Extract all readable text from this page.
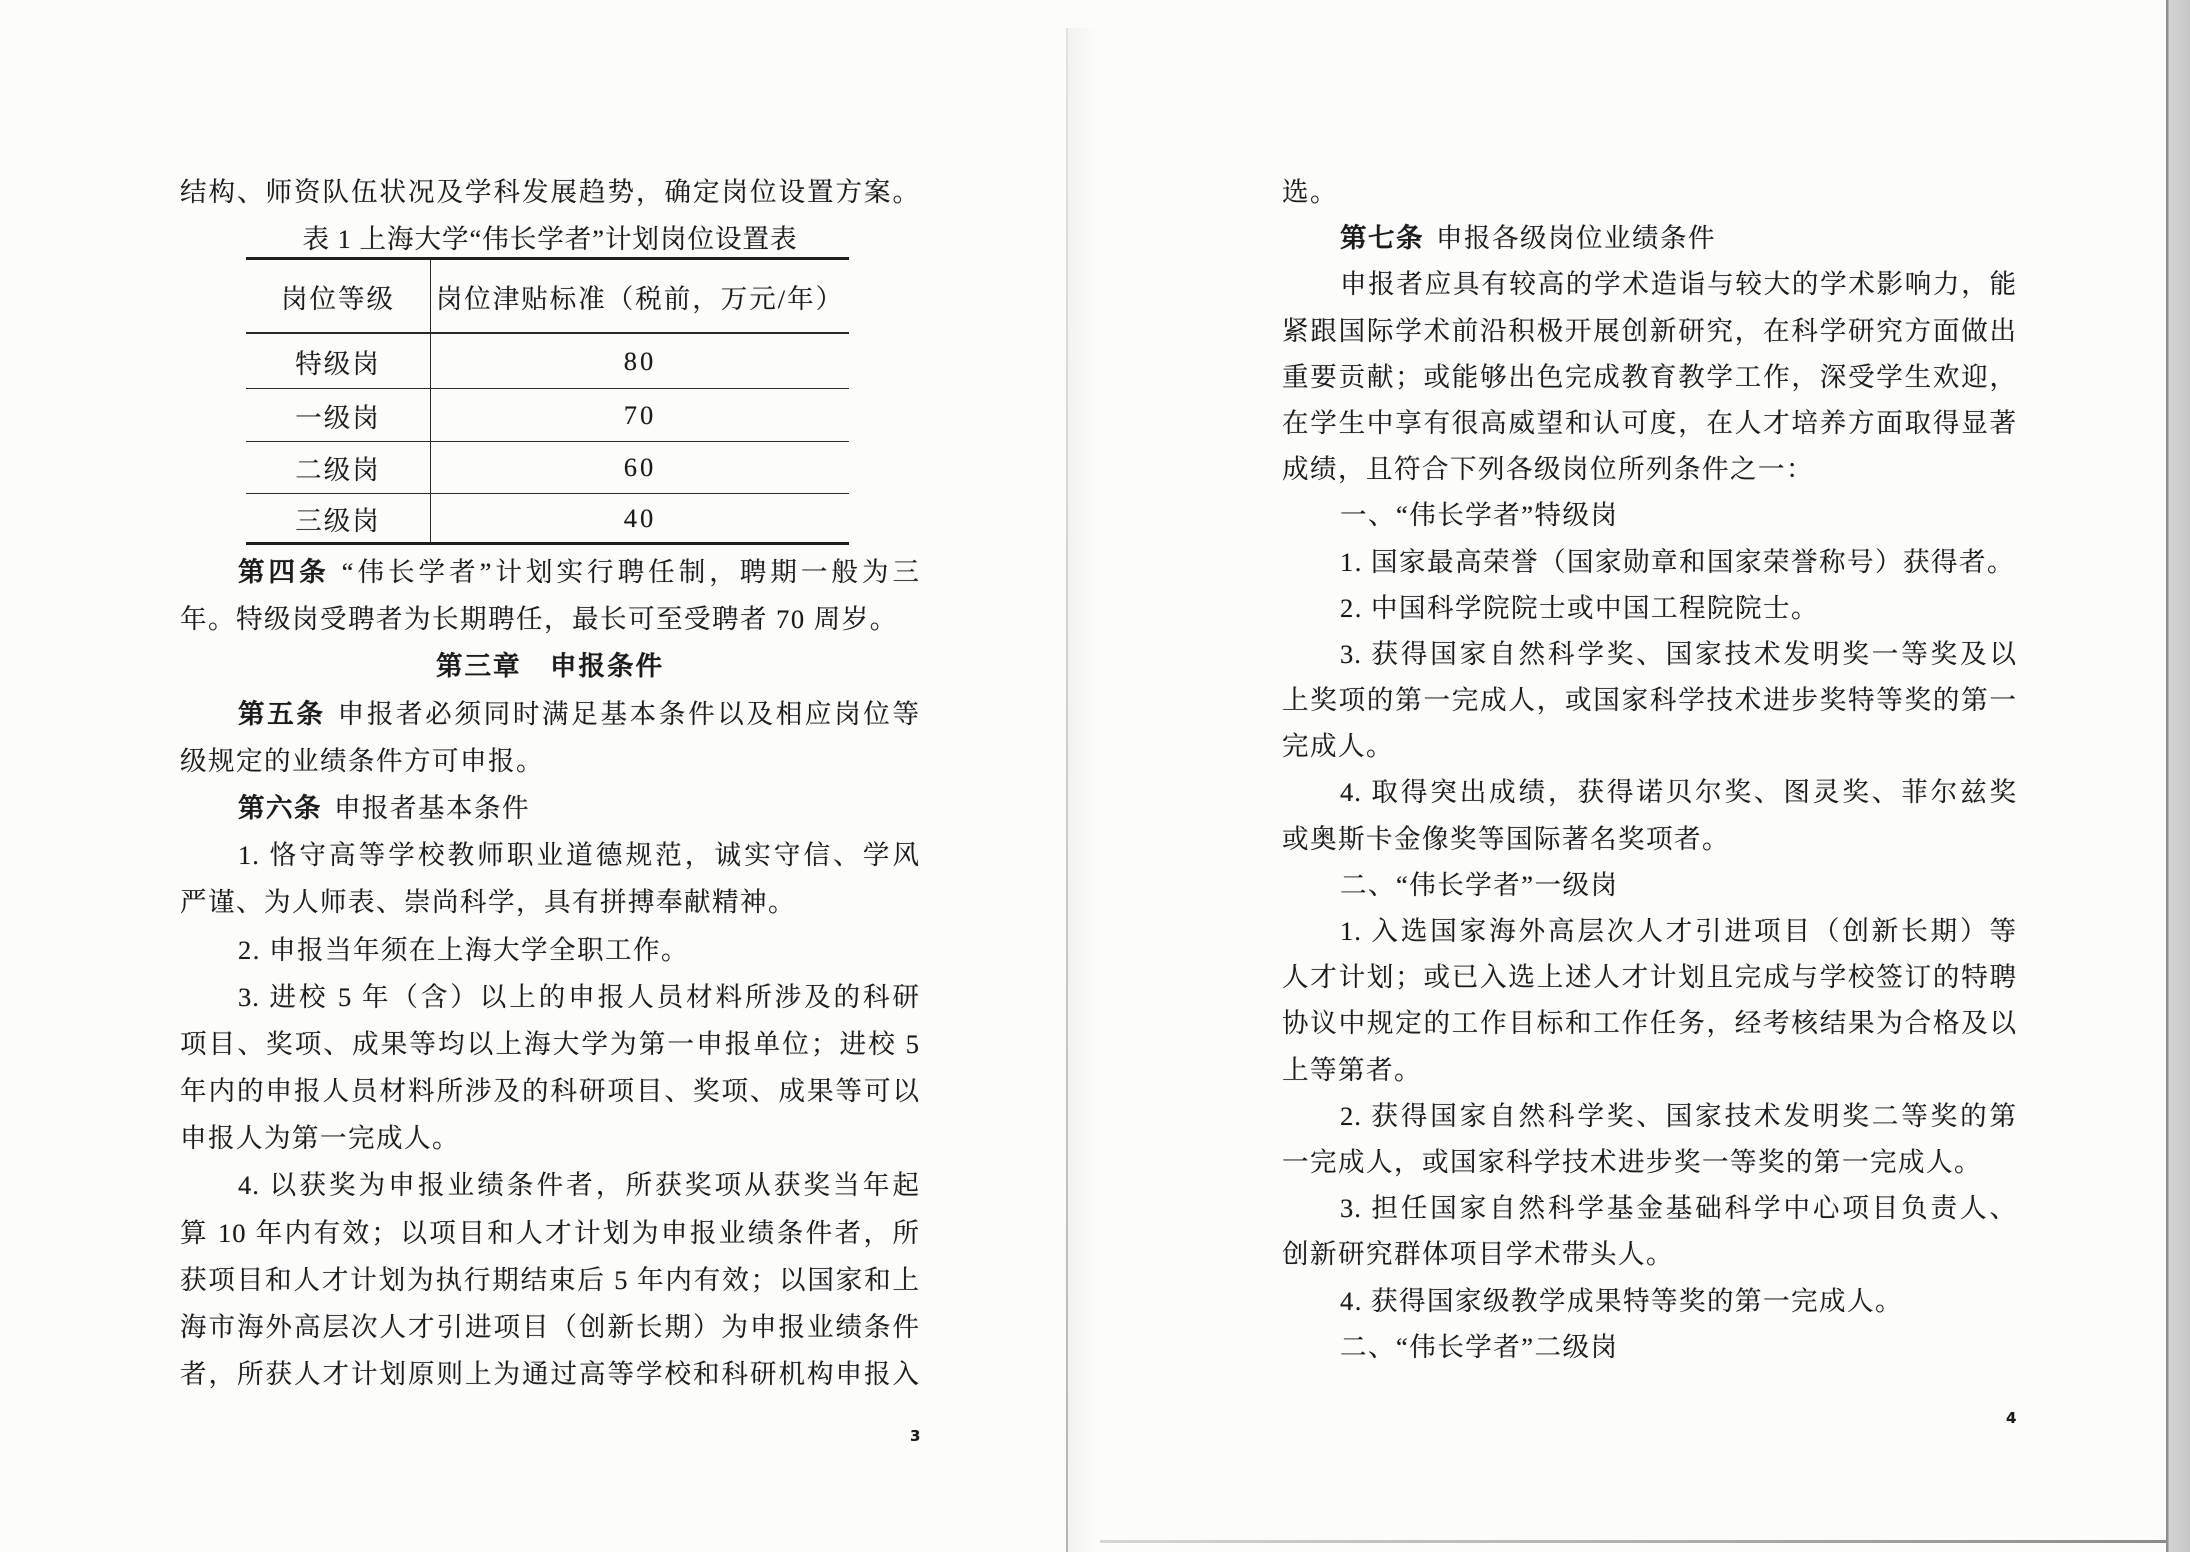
结构、师资队伍状况及学科发展趋势，确定岗位设置方案。

表 1 上海大学“伟长学者”计划岗位设置表
岗位等级	岗位津贴标准（税前，万元/年）
特级岗	80
一级岗	70
二级岗	60
三级岗	40

第四条 “伟长学者”计划实行聘任制，聘期一般为三

年。特级岗受聘者为长期聘任，最长可至受聘者 70 周岁。

第三章　申报条件

第五条 申报者必须同时满足基本条件以及相应岗位等

级规定的业绩条件方可申报。

第六条 申报者基本条件

1. 恪守高等学校教师职业道德规范，诚实守信、学风

严谨、为人师表、崇尚科学，具有拼搏奉献精神。

2. 申报当年须在上海大学全职工作。

3. 进校 5 年（含）以上的申报人员材料所涉及的科研

项目、奖项、成果等均以上海大学为第一申报单位；进校 5

年内的申报人员材料所涉及的科研项目、奖项、成果等可以

申报人为第一完成人。

4. 以获奖为申报业绩条件者，所获奖项从获奖当年起

算 10 年内有效；以项目和人才计划为申报业绩条件者，所

获项目和人才计划为执行期结束后 5 年内有效；以国家和上

海市海外高层次人才引进项目（创新长期）为申报业绩条件

者，所获人才计划原则上为通过高等学校和科研机构申报入

3

选。

第七条 申报各级岗位业绩条件

申报者应具有较高的学术造诣与较大的学术影响力，能

紧跟国际学术前沿积极开展创新研究，在科学研究方面做出

重要贡献；或能够出色完成教育教学工作，深受学生欢迎，

在学生中享有很高威望和认可度，在人才培养方面取得显著

成绩，且符合下列各级岗位所列条件之一：

一、“伟长学者”特级岗

1. 国家最高荣誉（国家勋章和国家荣誉称号）获得者。

2. 中国科学院院士或中国工程院院士。

3. 获得国家自然科学奖、国家技术发明奖一等奖及以

上奖项的第一完成人，或国家科学技术进步奖特等奖的第一

完成人。

4. 取得突出成绩，获得诺贝尔奖、图灵奖、菲尔兹奖

或奥斯卡金像奖等国际著名奖项者。

二、“伟长学者”一级岗

1. 入选国家海外高层次人才引进项目（创新长期）等

人才计划；或已入选上述人才计划且完成与学校签订的特聘

协议中规定的工作目标和工作任务，经考核结果为合格及以

上等第者。

2. 获得国家自然科学奖、国家技术发明奖二等奖的第

一完成人，或国家科学技术进步奖一等奖的第一完成人。

3. 担任国家自然科学基金基础科学中心项目负责人、

创新研究群体项目学术带头人。

4. 获得国家级教学成果特等奖的第一完成人。

二、“伟长学者”二级岗

4
